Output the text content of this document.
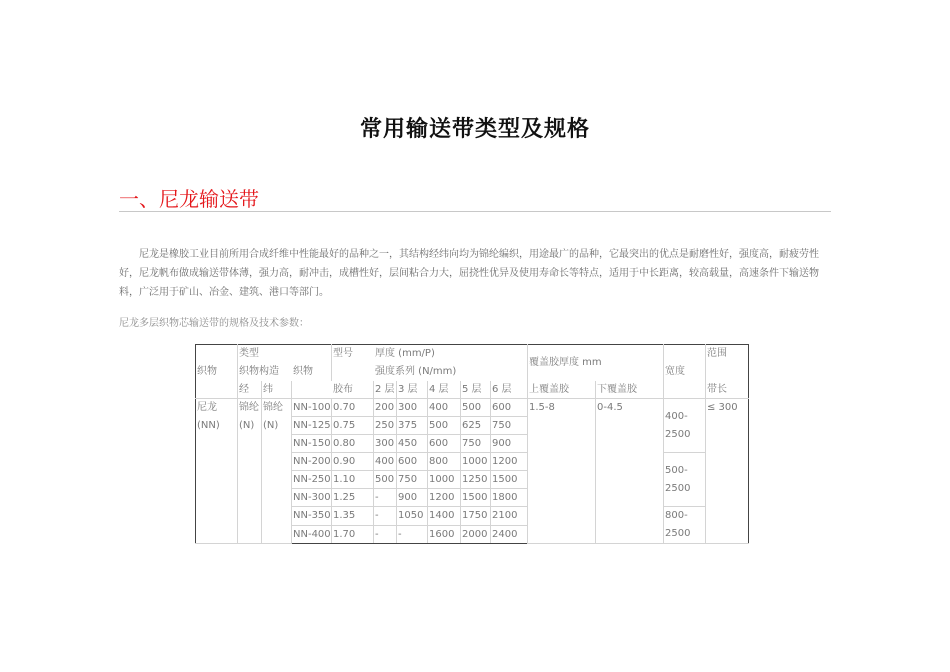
常用输送带类型及规格
一、尼龙输送带

尼龙是橡胶工业目前所用合成纤维中性能最好的品种之一，其结构经纬向均为锦纶编织，用途最广的品种，它最突出的优点是耐磨性好，强度高，耐疲劳性好，尼龙帆布做成输送带体薄，强力高，耐冲击，成槽性好，层间粘合力大，屈挠性优异及使用寿命长等特点，适用于中长距离，较高载量，高速条件下输送物料，广泛用于矿山、冶金、建筑、港口等部门。

尼龙多层织物芯输送带的规格及技术参数：
	类型			型号	厚度 (mm/P)					覆盖胶厚度 mm			范围
织物	织物构造		织物		强度系列 (N/mm)							宽度	
	经	纬		胶布	2 层	3 层	4 层	5 层	6 层	上覆盖胶	下覆盖胶		带长
尼龙 (NN)	锦纶 (N)	锦纶 (N)	NN-100	0.70	200	300	400	500	600	1.5-8	0-4.5	400-2500	≤ 300
			NN-125	0.75	250	375	500	625	750				
			NN-150	0.80	300	450	600	750	900				
			NN-200	0.90	400	600	800	1000	1200			500-2500	
			NN-250	1.10	500	750	1000	1250	1500				
			NN-300	1.25	-	900	1200	1500	1800				
			NN-350	1.35	-	1050	1400	1750	2100			800-2500	
			NN-400	1.70	-	-	1600	2000	2400				
